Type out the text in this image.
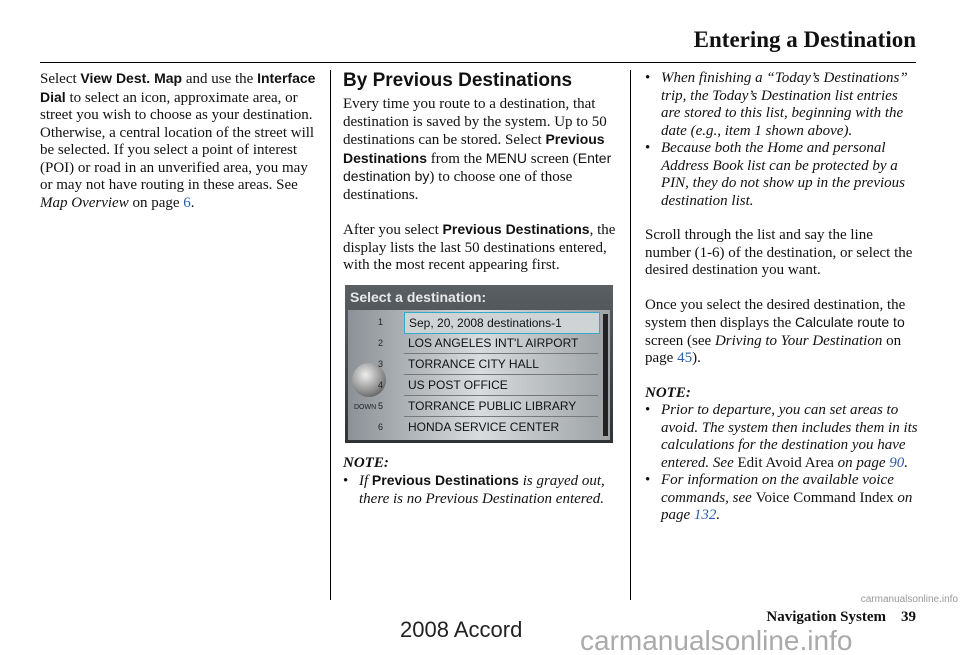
Entering a Destination

Select View Dest. Map and use the Interface Dial to select an icon, approximate area, or street you wish to choose as your destination. Otherwise, a central location of the street will be selected. If you select a point of interest (POI) or road in an unverified area, you may or may not have routing in these areas. See Map Overview on page 6.

By Previous Destinations

Every time you route to a destination, that destination is saved by the system. Up to 50 destinations can be stored. Select Previous Destinations from the MENU screen (Enter destination by) to choose one of those destinations.

After you select Previous Destinations, the display lists the last 50 destinations entered, with the most recent appearing first.

Select a destination:
DOWN
1
2
3
4
5
6
Sep, 20, 2008 destinations-1
LOS ANGELES INT'L AIRPORT
TORRANCE CITY HALL
US POST OFFICE
TORRANCE PUBLIC LIBRARY
HONDA SERVICE CENTER
NOTE:

• If Previous Destinations is grayed out, there is no Previous Destination entered.

• When finishing a “Today’s Destinations” trip, the Today’s Destination list entries are stored to this list, beginning with the date (e.g., item 1 shown above).

• Because both the Home and personal Address Book list can be protected by a PIN, they do not show up in the previous destination list.

Scroll through the list and say the line number (1-6) of the destination, or select the desired destination you want.

Once you select the desired destination, the system then displays the Calculate route to screen (see Driving to Your Destination on page 45).

NOTE:

• Prior to departure, you can set areas to avoid. The system then includes them in its calculations for the destination you have entered. See Edit Avoid Area on page 90.

• For information on the available voice commands, see Voice Command Index on page 132.

Navigation System 39
2008 Accord carmanualsonline.info
carmanualsonline.info
